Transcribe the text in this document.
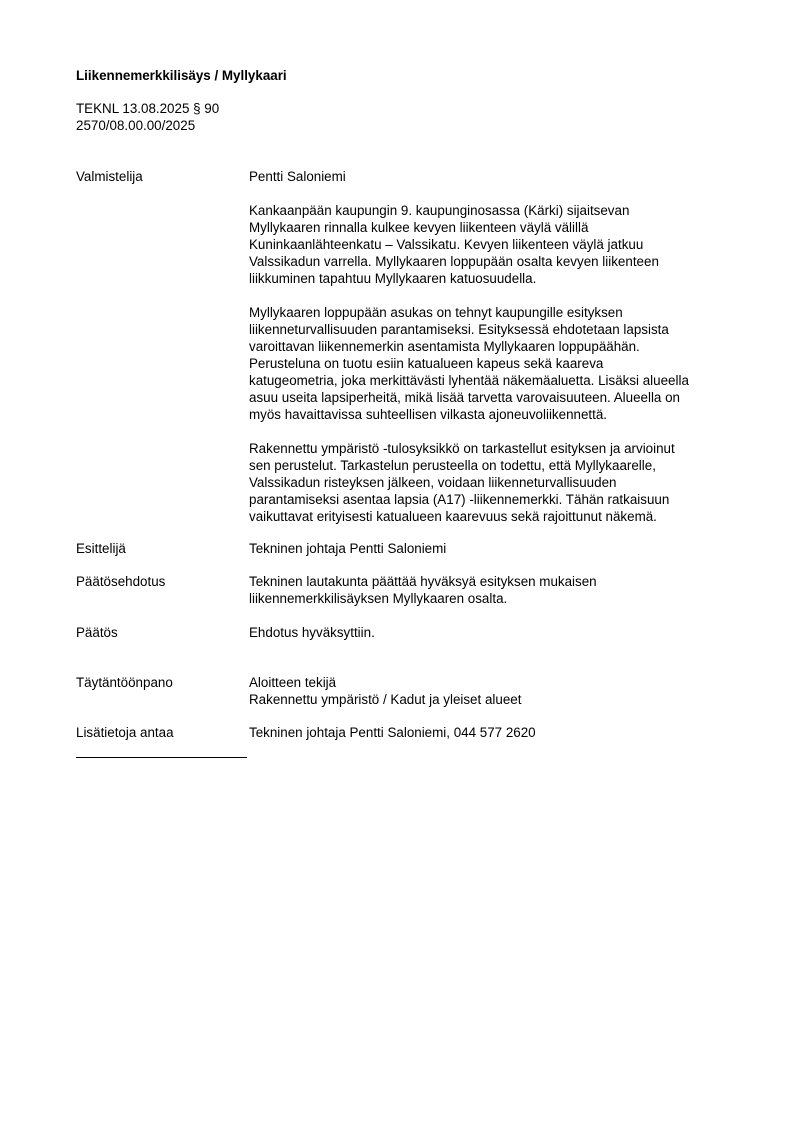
Liikennemerkkilisäys / Myllykaari
TEKNL 13.08.2025 § 90
2570/08.00.00/2025
Valmistelija	Pentti Saloniemi
Kankaanpään kaupungin 9. kaupunginosassa (Kärki) sijaitsevan
Myllykaaren rinnalla kulkee kevyen liikenteen väylä välillä
Kuninkaanlähteenkatu – Valssikatu. Kevyen liikenteen väylä jatkuu
Valssikadun varrella. Myllykaaren loppupään osalta kevyen liikenteen
liikkuminen tapahtuu Myllykaaren katuosuudella.
Myllykaaren loppupään asukas on tehnyt kaupungille esityksen
liikenneturvallisuuden parantamiseksi. Esityksessä ehdotetaan lapsista
varoittavan liikennemerkin asentamista Myllykaaren loppupäähän.
Perusteluna on tuotu esiin katualueen kapeus sekä kaareva
katugeometria, joka merkittävästi lyhentää näkemäaluetta. Lisäksi alueella
asuu useita lapsiperheitä, mikä lisää tarvetta varovaisuuteen. Alueella on
myös havaittavissa suhteellisen vilkasta ajoneuvoliikennettä.
Rakennettu ympäristö -tulosyksikkö on tarkastellut esityksen ja arvioinut
sen perustelut. Tarkastelun perusteella on todettu, että Myllykaarelle,
Valssikadun risteyksen jälkeen, voidaan liikenneturvallisuuden
parantamiseksi asentaa lapsia (A17) -liikennemerkki. Tähän ratkaisuun
vaikuttavat erityisesti katualueen kaarevuus sekä rajoittunut näkemä.
Esittelijä	Tekninen johtaja Pentti Saloniemi
Päätösehdotus	Tekninen lautakunta päättää hyväksyä esityksen mukaisen
liikennemerkkilisäyksen Myllykaaren osalta.
Päätös	Ehdotus hyväksyttiin.
Täytäntöönpano	Aloitteen tekijä
Rakennettu ympäristö / Kadut ja yleiset alueet
Lisätietoja antaa	Tekninen johtaja Pentti Saloniemi, 044 577 2620
